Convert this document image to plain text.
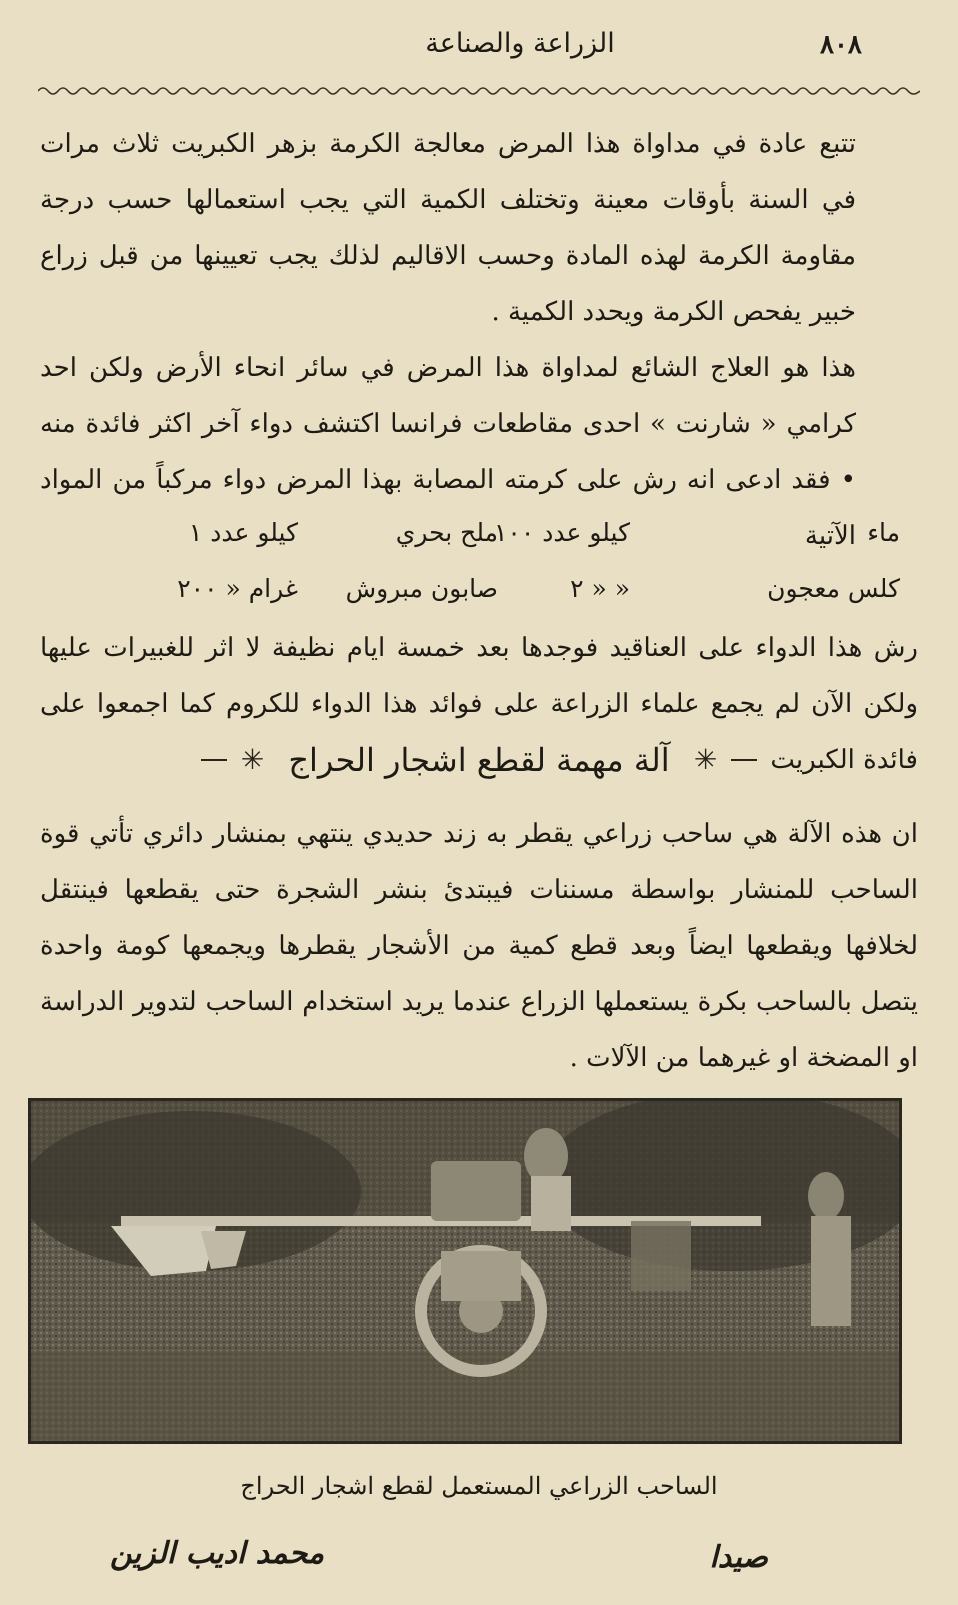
٨٠٨
الزراعة والصناعة

تتبع عادة في مداواة هذا المرض معالجة الكرمة بزهر الكبريت ثلاث مرات في السنة بأوقات معينة وتختلف الكمية التي يجب استعمالها حسب درجة مقاومة الكرمة لهذه المادة وحسب الاقاليم لذلك يجب تعيينها من قبل زراع خبير يفحص الكرمة ويحدد الكمية .

هذا هو العلاج الشائع لمداواة هذا المرض في سائر انحاء الأرض ولكن احد كرامي « شارنت » احدى مقاطعات فرانسا اكتشف دواء آخر اكثر فائدة منه • فقد ادعى انه رش على كرمته المصابة بهذا المرض دواء مركباً من المواد الآتية ماء
كيلو عدد ١٠٠
ملح بحري
كيلو عدد ١
كلس معجون
« « ٢
صابون مبروش
غرام « ٢٠٠

رش هذا الدواء على العناقيد فوجدها بعد خمسة ايام نظيفة لا اثر للغبيرات عليها ولكن الآن لم يجمع علماء الزراعة على فوائد هذا الدواء للكروم كما اجمعوا على فائدة الكبريت

✳ آلة مهمة لقطع اشجار الحراج ✳

ان هذه الآلة هي ساحب زراعي يقطر به زند حديدي ينتهي بمنشار دائري تأتي قوة الساحب للمنشار بواسطة مسننات فيبتدئ بنشر الشجرة حتى يقطعها فينتقل لخلافها ويقطعها ايضاً وبعد قطع كمية من الأشجار يقطرها ويجمعها كومة واحدة يتصل بالساحب بكرة يستعملها الزراع عندما يريد استخدام الساحب لتدوير الدراسة او المضخة او غيرهما من الآلات .

الساحب الزراعي المستعمل لقطع اشجار الحراج
صيدا
محمد اديب الزين
